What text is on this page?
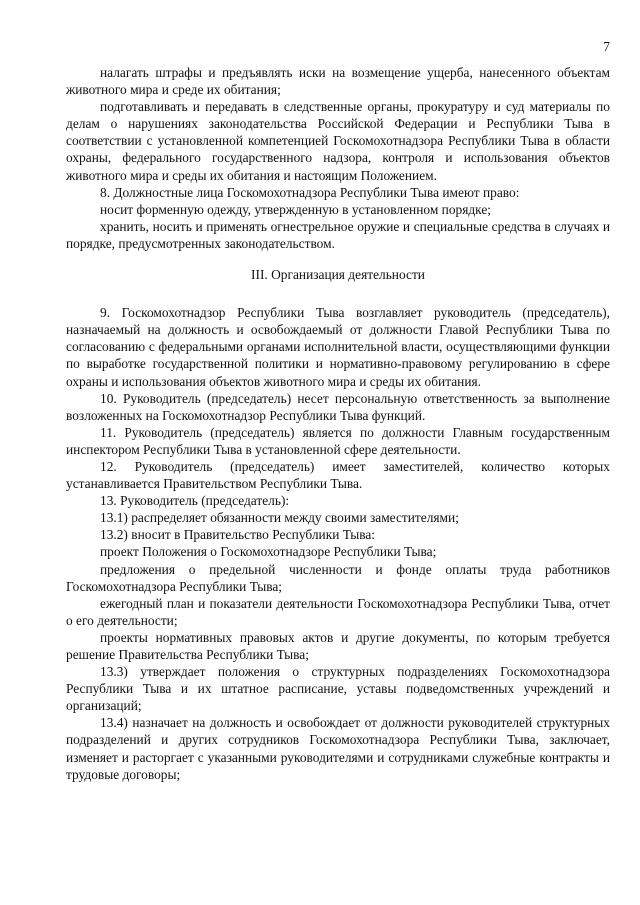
7

налагать штрафы и предъявлять иски на возмещение ущерба, нанесенного объектам животного мира и среде их обитания;

подготавливать и передавать в следственные органы, прокуратуру и суд материалы по делам о нарушениях законодательства Российской Федерации и Республики Тыва в соответствии с установленной компетенцией Госкомохотнадзора Республики Тыва в области охраны, федерального государственного надзора, контроля и использования объектов животного мира и среды их обитания и настоящим Положением.

8. Должностные лица Госкомохотнадзора Республики Тыва имеют право:

носит форменную одежду, утвержденную в установленном порядке;

хранить, носить и применять огнестрельное оружие и специальные средства в случаях и порядке, предусмотренных законодательством.

III. Организация деятельности

9. Госкомохотнадзор Республики Тыва возглавляет руководитель (председатель), назначаемый на должность и освобождаемый от должности Главой Республики Тыва по согласованию с федеральными органами исполнительной власти, осуществляющими функции по выработке государственной политики и нормативно-правовому регулированию в сфере охраны и использования объектов животного мира и среды их обитания.

10. Руководитель (председатель) несет персональную ответственность за выполнение возложенных на Госкомохотнадзор Республики Тыва функций.

11. Руководитель (председатель) является по должности Главным государственным инспектором Республики Тыва в установленной сфере деятельности.

12. Руководитель (председатель) имеет заместителей, количество которых устанавливается Правительством Республики Тыва.

13. Руководитель (председатель):

13.1) распределяет обязанности между своими заместителями;

13.2) вносит в Правительство Республики Тыва:

проект Положения о Госкомохотнадзоре Республики Тыва;

предложения о предельной численности и фонде оплаты труда работников Госкомохотнадзора Республики Тыва;

ежегодный план и показатели деятельности Госкомохотнадзора Республики Тыва, отчет о его деятельности;

проекты нормативных правовых актов и другие документы, по которым требуется решение Правительства Республики Тыва;

13.3) утверждает положения о структурных подразделениях Госкомохотнадзора Республики Тыва и их штатное расписание, уставы подведомственных учреждений и организаций;

13.4) назначает на должность и освобождает от должности руководителей структурных подразделений и других сотрудников Госкомохотнадзора Республики Тыва, заключает, изменяет и расторгает с указанными руководителями и сотрудниками служебные контракты и трудовые договоры;
